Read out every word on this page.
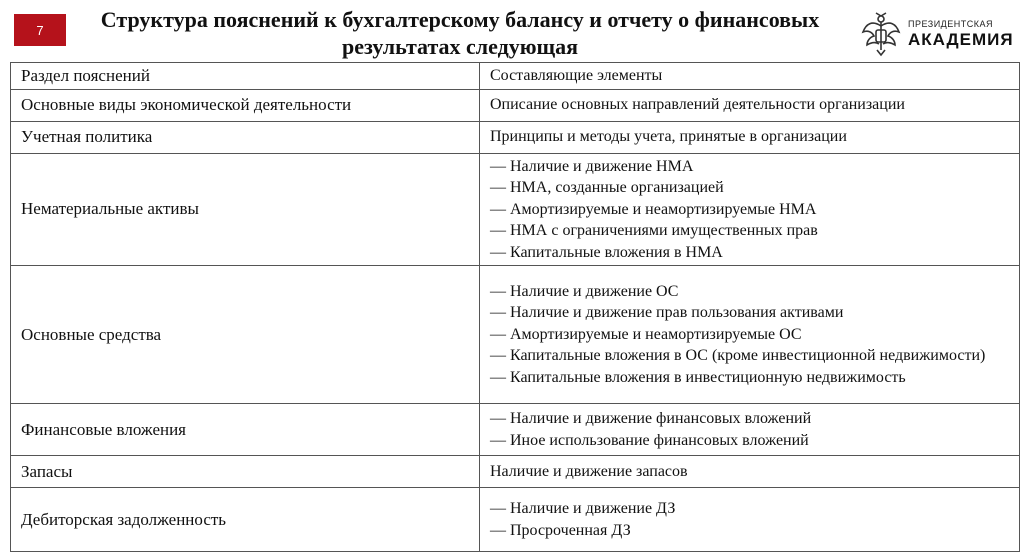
7	Структура пояснений к бухгалтерскому балансу и отчету о финансовых результатах следующая
ПРЕЗИДЕНТСКАЯ
АКАДЕМИЯ
Раздел пояснений	Составляющие элементы

Основные виды экономической деятельности	Описание основных направлений деятельности организации

Учетная политика	Принципы и методы учета, принятые в организации

Нематериальные активы	— Наличие и движение НМА
— НМА, созданные организацией
— Амортизируемые и неамортизируемые НМА
— НМА с ограничениями имущественных прав
— Капитальные вложения в НМА

Основные средства	— Наличие и движение ОС
— Наличие и движение прав пользования активами
— Амортизируемые и неамортизируемые ОС
— Капитальные вложения в ОС (кроме инвестиционной недвижимости)
— Капитальные вложения в инвестиционную недвижимость

Финансовые вложения	— Наличие и движение финансовых вложений
— Иное использование финансовых вложений

Запасы	Наличие и движение запасов

Дебиторская задолженность	— Наличие и движение ДЗ
— Просроченная ДЗ
